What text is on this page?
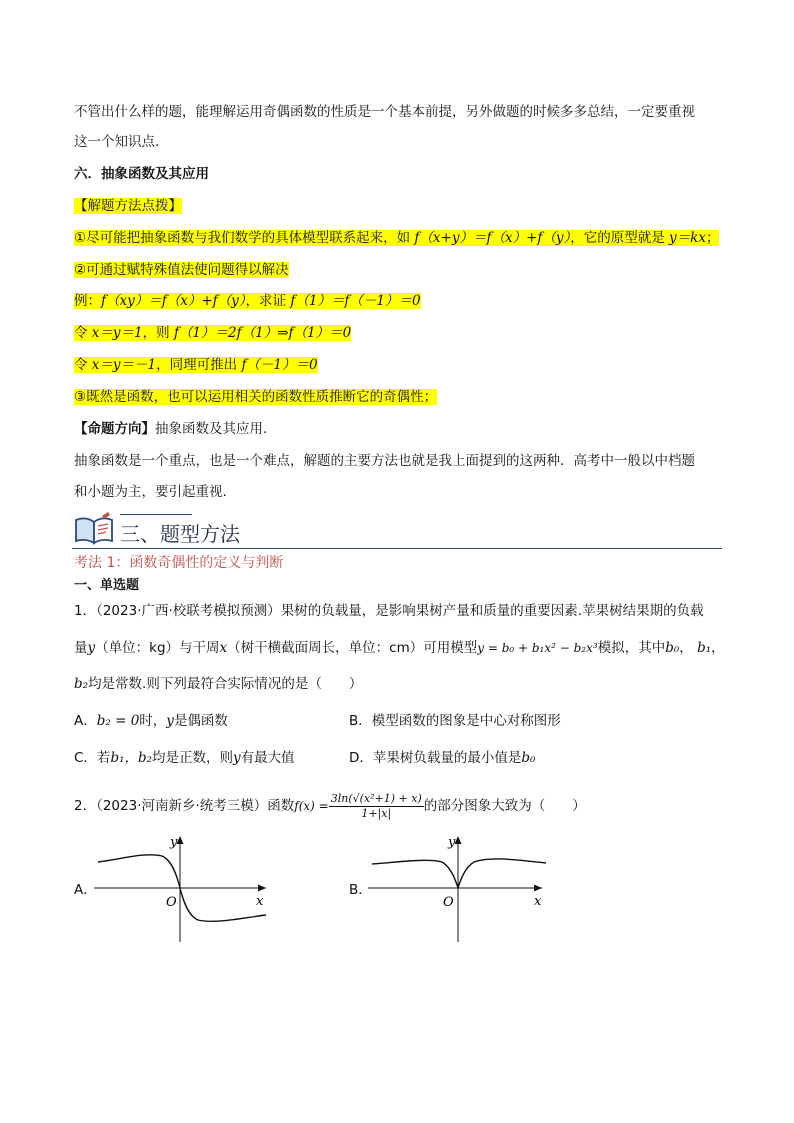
不管出什么样的题，能理解运用奇偶函数的性质是一个基本前提，另外做题的时候多多总结，一定要重视
这一个知识点.
六．抽象函数及其应用
【解题方法点拨】
①尽可能把抽象函数与我们数学的具体模型联系起来，如 f（x+y）＝f（x）+f（y），它的原型就是 y＝kx；
②可通过赋特殊值法使问题得以解决
例：f（xy）＝f（x）+f（y），求证 f（1）＝f（－1）＝0
令 x＝y＝1，则 f（1）＝2f（1）⇒f（1）＝0
令 x＝y＝－1，同理可推出 f（－1）＝0
③既然是函数，也可以运用相关的函数性质推断它的奇偶性；
【命题方向】抽象函数及其应用.
抽象函数是一个重点，也是一个难点，解题的主要方法也就是我上面提到的这两种．高考中一般以中档题
和小题为主，要引起重视.
三、题型方法
考法 1：函数奇偶性的定义与判断
一、单选题
1．（2023·广西·校联考模拟预测）果树的负载量，是影响果树产量和质量的重要因素.苹果树结果期的负载
量y（单位：kg）与干周x（树干横截面周长，单位：cm）可用模型y = b₀ + b₁x² − b₂x³模拟，其中b₀， b₁，
b₂均是常数.则下列最符合实际情况的是（　　）
A．b₂ = 0时，y是偶函数	B．模型函数的图象是中心对称图形
C．若b₁，b₂均是正数，则y有最大值	D．苹果树负载量的最小值是b₀
2．（2023·河南新乡·统考三模）函数$f(x) = \frac{\text{3ln(√(x²+1) + x)}}{1+|x|}$ 的部分图象大致为（　　）
A．
y
x
O
B．
y
x
O
